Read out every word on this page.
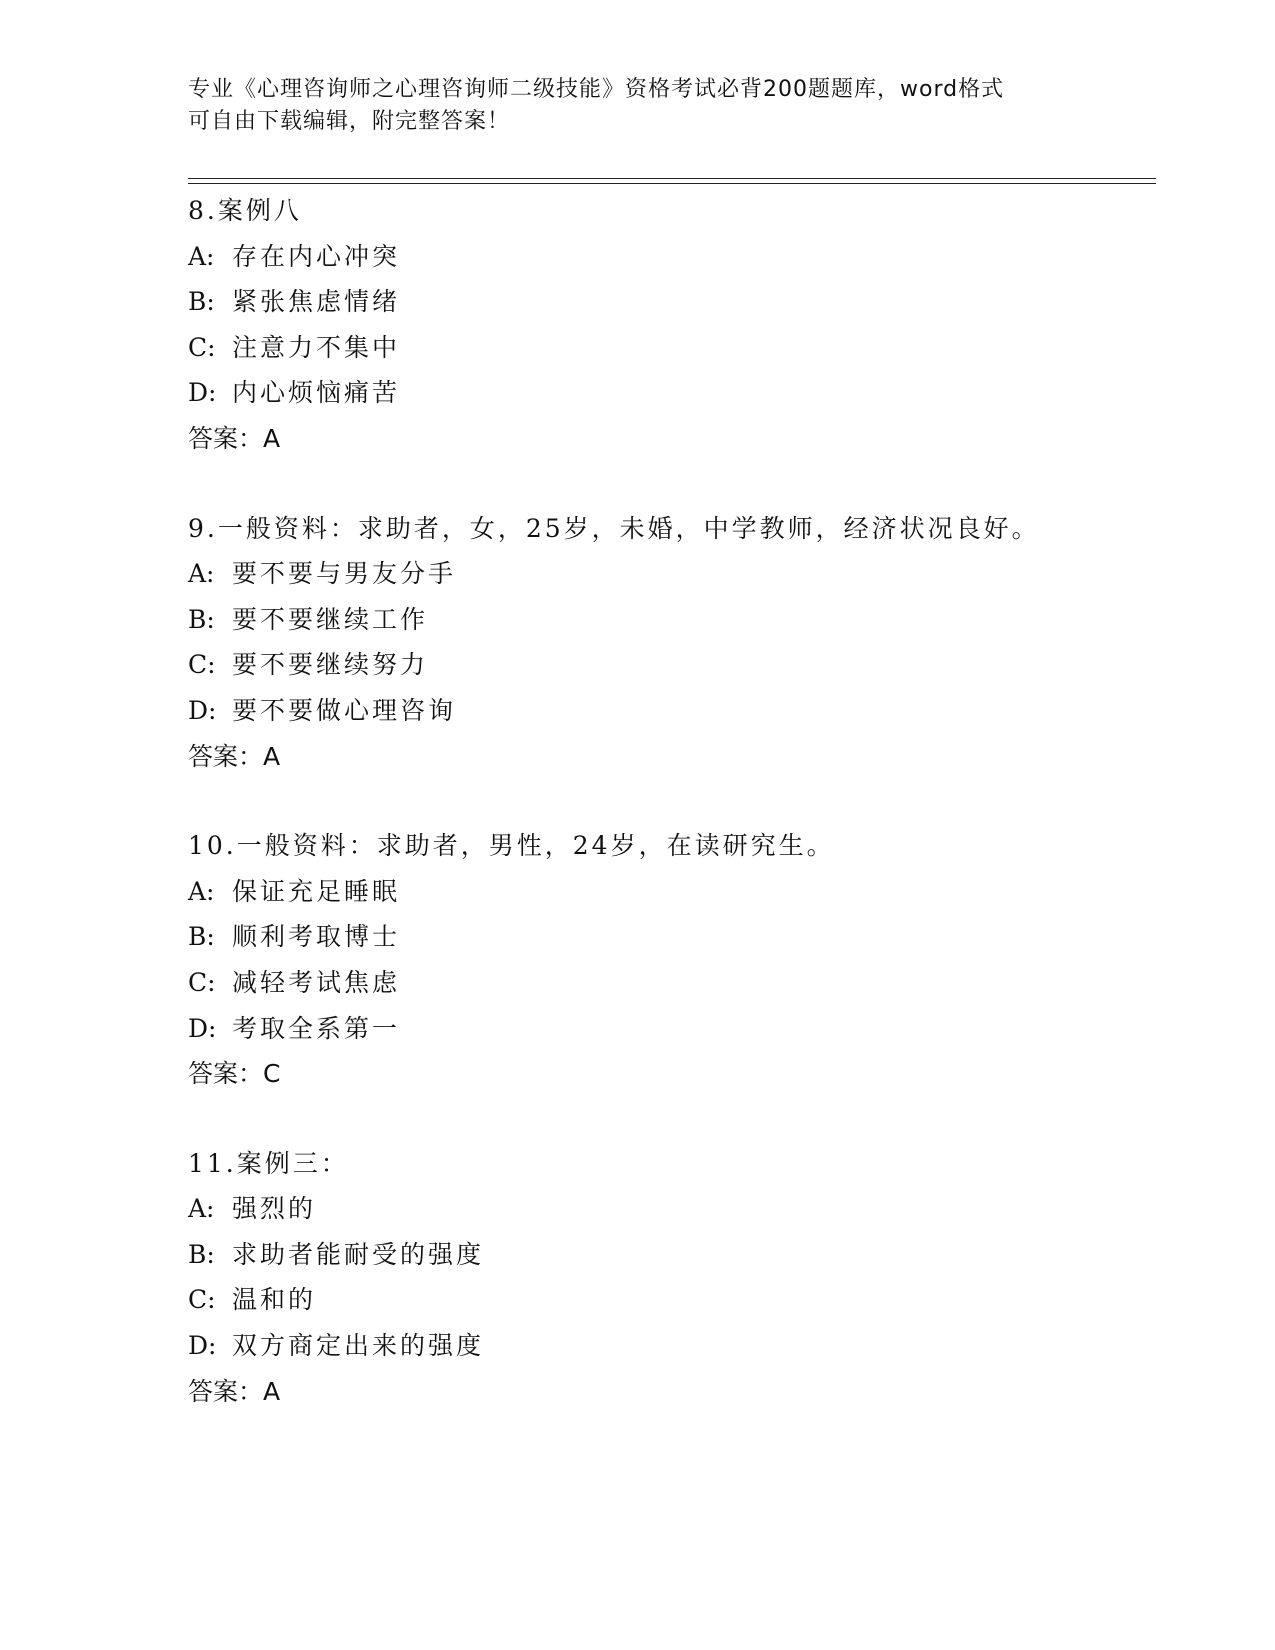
专业《心理咨询师之心理咨询师二级技能》资格考试必背200题题库，word格式
可自由下载编辑，附完整答案！
8.案例八
A: 存在内心冲突
B: 紧张焦虑情绪
C: 注意力不集中
D: 内心烦恼痛苦
答案：A
9.一般资料：求助者，女，25岁，未婚，中学教师，经济状况良好。
A: 要不要与男友分手
B: 要不要继续工作
C: 要不要继续努力
D: 要不要做心理咨询
答案：A
10.一般资料：求助者，男性，24岁，在读研究生。
A: 保证充足睡眠
B: 顺利考取博士
C: 减轻考试焦虑
D: 考取全系第一
答案：C
11.案例三：
A: 强烈的
B: 求助者能耐受的强度
C: 温和的
D: 双方商定出来的强度
答案：A
